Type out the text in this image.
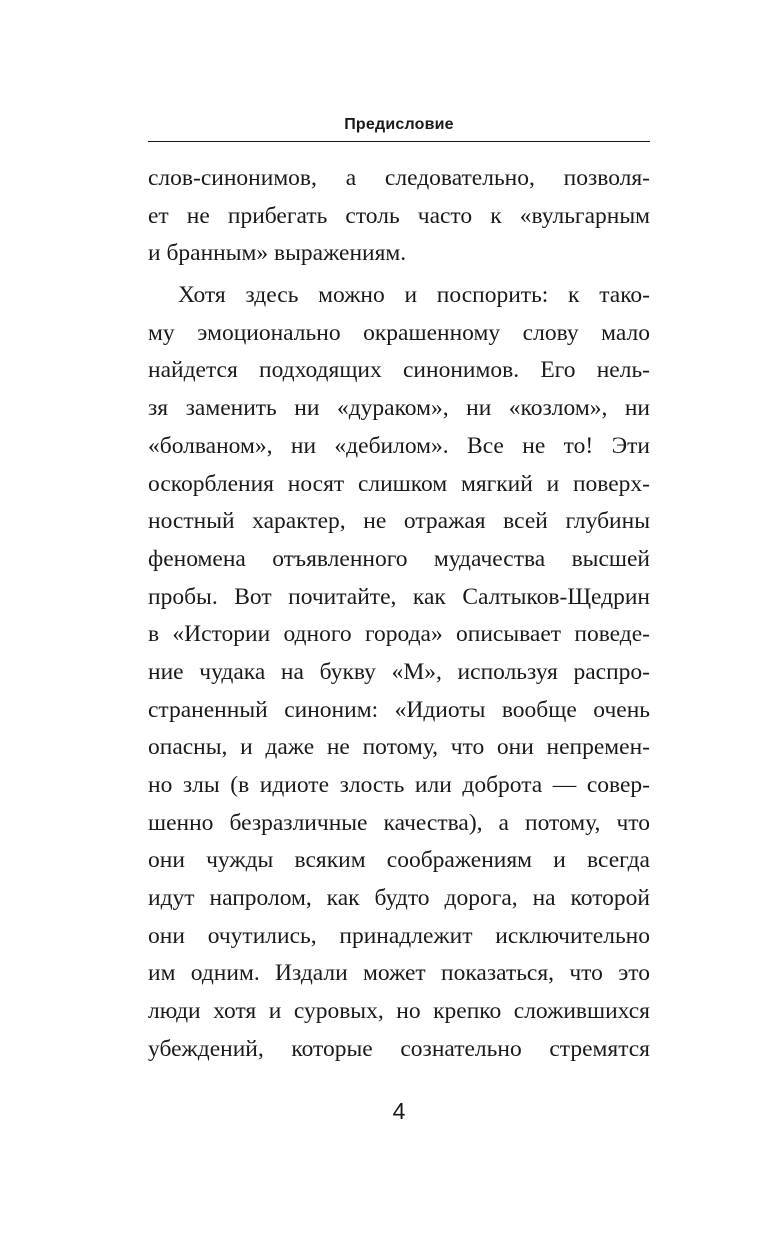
Предисловие
слов-синонимов, а следовательно, позволя-
ет не прибегать столь часто к «вульгарным
и бранным» выражениям.
Хотя здесь можно и поспорить: к тако-
му эмоционально окрашенному слову мало
найдется подходящих синонимов. Его нель-
зя заменить ни «дураком», ни «козлом», ни
«болваном», ни «дебилом». Все не то! Эти
оскорбления носят слишком мягкий и поверх-
ностный характер, не отражая всей глубины
феномена отъявленного мудачества высшей
пробы. Вот почитайте, как Салтыков-Щедрин
в «Истории одного города» описывает поведе-
ние чудака на букву «М», используя распро-
страненный синоним: «Идиоты вообще очень
опасны, и даже не потому, что они непремен-
но злы (в идиоте злость или доброта — совер-
шенно безразличные качества), а потому, что
они чужды всяким соображениям и всегда
идут напролом, как будто дорога, на которой
они очутились, принадлежит исключительно
им одним. Издали может показаться, что это
люди хотя и суровых, но крепко сложившихся
убеждений, которые сознательно стремятся
4
